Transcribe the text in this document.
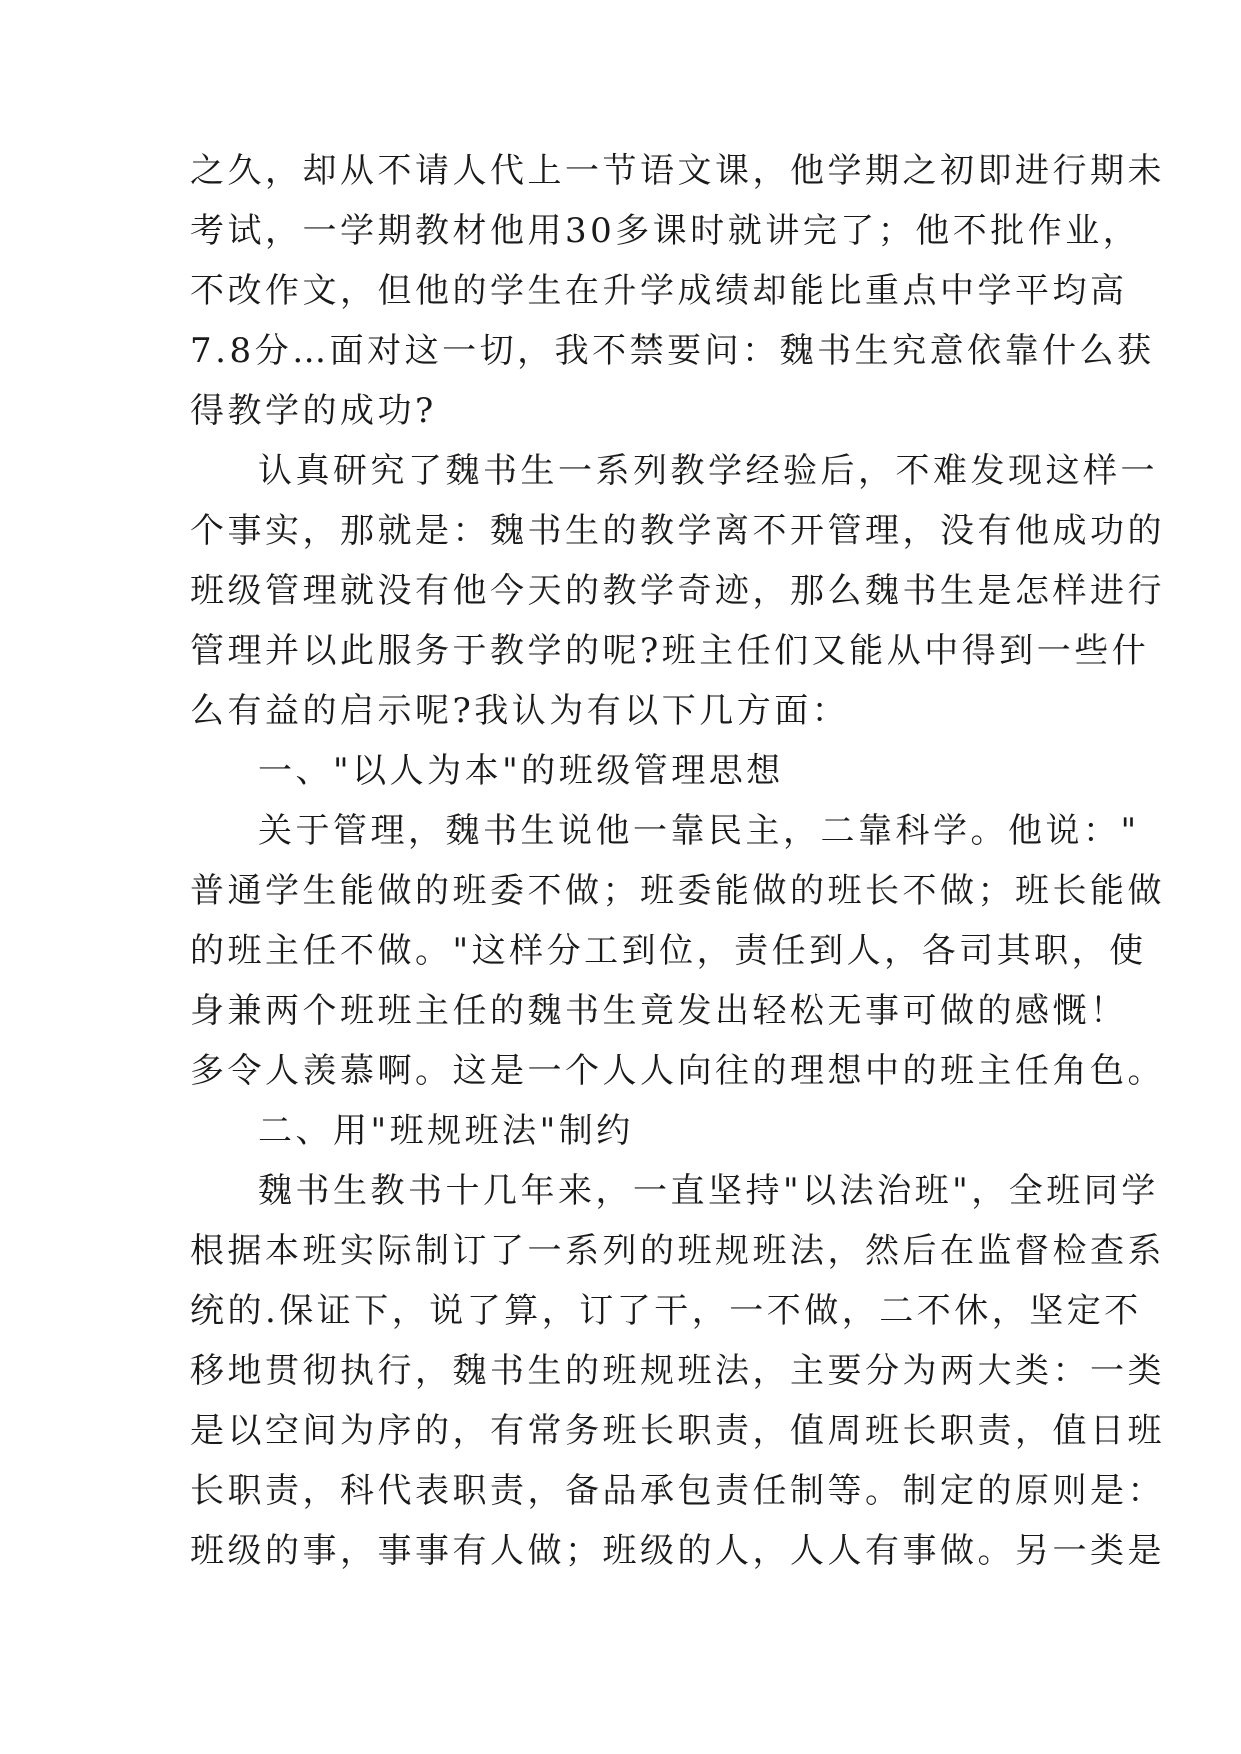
之久，却从不请人代上一节语文课，他学期之初即进行期未
考试，一学期教材他用30多课时就讲完了；他不批作业，
不改作文，但他的学生在升学成绩却能比重点中学平均高
7.8分…面对这一切，我不禁要问：魏书生究意依靠什么获
得教学的成功?
认真研究了魏书生一系列教学经验后，不难发现这样一
个事实，那就是：魏书生的教学离不开管理，没有他成功的
班级管理就没有他今天的教学奇迹，那么魏书生是怎样进行
管理并以此服务于教学的呢?班主任们又能从中得到一些什
么有益的启示呢?我认为有以下几方面：
一、"以人为本"的班级管理思想
关于管理，魏书生说他一靠民主，二靠科学。他说："
普通学生能做的班委不做；班委能做的班长不做；班长能做
的班主任不做。"这样分工到位，责任到人，各司其职，使
身兼两个班班主任的魏书生竟发出轻松无事可做的感慨！
多令人羡慕啊。这是一个人人向往的理想中的班主任角色。
二、用"班规班法"制约
魏书生教书十几年来，一直坚持"以法治班"，全班同学
根据本班实际制订了一系列的班规班法，然后在监督检查系
统的.保证下，说了算，订了干，一不做，二不休，坚定不
移地贯彻执行，魏书生的班规班法，主要分为两大类：一类
是以空间为序的，有常务班长职责，值周班长职责，值日班
长职责，科代表职责，备品承包责任制等。制定的原则是：
班级的事，事事有人做；班级的人，人人有事做。另一类是
